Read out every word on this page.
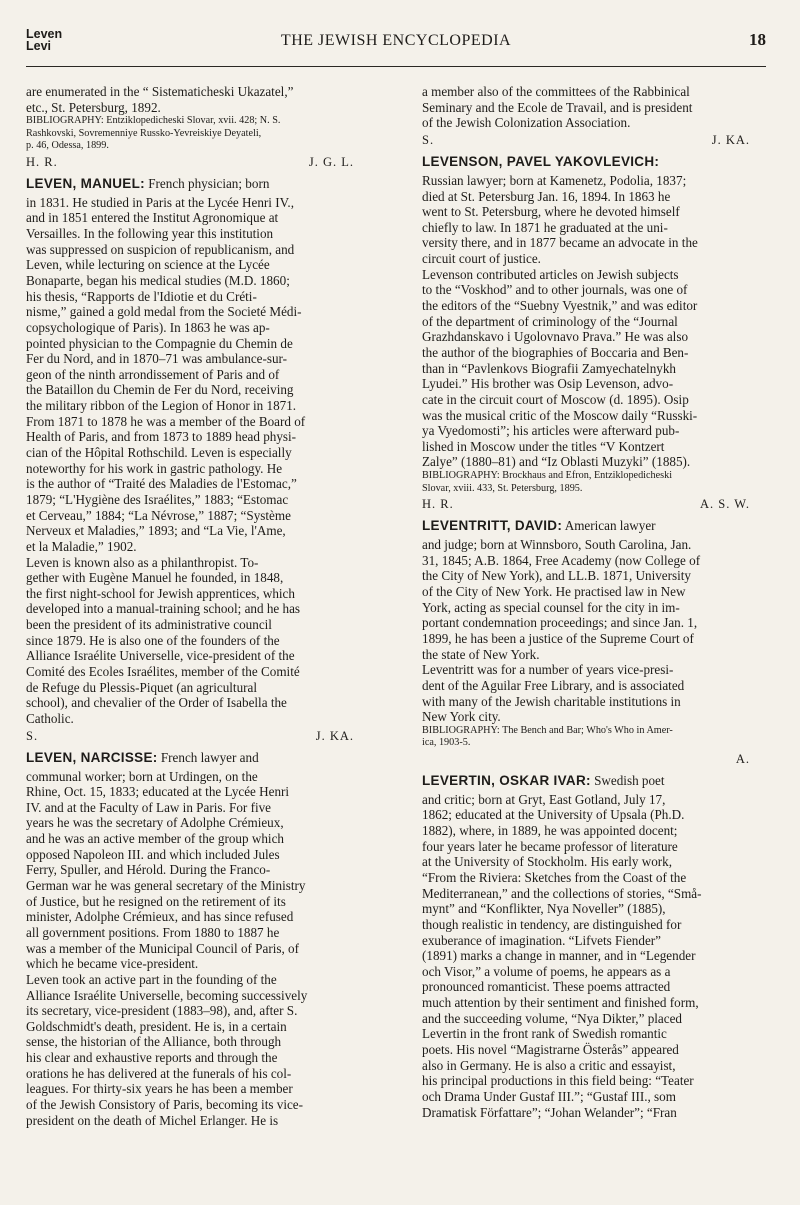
Leven
Levi	THE JEWISH ENCYCLOPEDIA	18
are enumerated in the “ Sistematicheski Ukazatel,”
etc., St. Petersburg, 1892.
BIBLIOGRAPHY: Entziklopedicheski Slovar, xvii. 428; N. S.
Rashkovski, Sovremenniye Russko-Yevreiskiye Deyateli,
p. 46, Odessa, 1899.
H. R.	J. G. L.
LEVEN, MANUEL: French physician; born
in 1831. He studied in Paris at the Lycée Henri IV.,
and in 1851 entered the Institut Agronomique at
Versailles. In the following year this institution
was suppressed on suspicion of republicanism, and
Leven, while lecturing on science at the Lycée
Bonaparte, began his medical studies (M.D. 1860;
his thesis, “Rapports de l'Idiotie et du Créti-
nisme,” gained a gold medal from the Societé Médi-
copsychologique of Paris). In 1863 he was ap-
pointed physician to the Compagnie du Chemin de
Fer du Nord, and in 1870–71 was ambulance-sur-
geon of the ninth arrondissement of Paris and of
the Bataillon du Chemin de Fer du Nord, receiving
the military ribbon of the Legion of Honor in 1871.
From 1871 to 1878 he was a member of the Board of
Health of Paris, and from 1873 to 1889 head physi-
cian of the Hôpital Rothschild. Leven is especially
noteworthy for his work in gastric pathology. He
is the author of “Traité des Maladies de l'Estomac,”
1879; “L'Hygiène des Israélites,” 1883; “Estomac
et Cerveau,” 1884; “La Névrose,” 1887; “Système
Nerveux et Maladies,” 1893; and “La Vie, l'Ame,
et la Maladie,” 1902.
Leven is known also as a philanthropist. To-
gether with Eugène Manuel he founded, in 1848,
the first night-school for Jewish apprentices, which
developed into a manual-training school; and he has
been the president of its administrative council
since 1879. He is also one of the founders of the
Alliance Israélite Universelle, vice-president of the
Comité des Ecoles Israélites, member of the Comité
de Refuge du Plessis-Piquet (an agricultural
school), and chevalier of the Order of Isabella the
Catholic.
S.	J. KA.
LEVEN, NARCISSE: French lawyer and
communal worker; born at Urdingen, on the
Rhine, Oct. 15, 1833; educated at the Lycée Henri
IV. and at the Faculty of Law in Paris. For five
years he was the secretary of Adolphe Crémieux,
and he was an active member of the group which
opposed Napoleon III. and which included Jules
Ferry, Spuller, and Hérold. During the Franco-
German war he was general secretary of the Ministry
of Justice, but he resigned on the retirement of its
minister, Adolphe Crémieux, and has since refused
all government positions. From 1880 to 1887 he
was a member of the Municipal Council of Paris, of
which he became vice-president.
Leven took an active part in the founding of the
Alliance Israélite Universelle, becoming successively
its secretary, vice-president (1883–98), and, after S.
Goldschmidt's death, president. He is, in a certain
sense, the historian of the Alliance, both through
his clear and exhaustive reports and through the
orations he has delivered at the funerals of his col-
leagues. For thirty-six years he has been a member
of the Jewish Consistory of Paris, becoming its vice-
president on the death of Michel Erlanger. He is
a member also of the committees of the Rabbinical
Seminary and the Ecole de Travail, and is president
of the Jewish Colonization Association.
S.	J. KA.
LEVENSON, PAVEL YAKOVLEVICH:
Russian lawyer; born at Kamenetz, Podolia, 1837;
died at St. Petersburg Jan. 16, 1894. In 1863 he
went to St. Petersburg, where he devoted himself
chiefly to law. In 1871 he graduated at the uni-
versity there, and in 1877 became an advocate in the
circuit court of justice.
Levenson contributed articles on Jewish subjects
to the “Voskhod” and to other journals, was one of
the editors of the “Suebny Vyestnik,” and was editor
of the department of criminology of the “Journal
Grazhdanskavo i Ugolovnavo Prava.” He was also
the author of the biographies of Boccaria and Ben-
than in “Pavlenkovs Biografii Zamyechatelnykh
Lyudei.” His brother was Osip Levenson, advo-
cate in the circuit court of Moscow (d. 1895). Osip
was the musical critic of the Moscow daily “Russki-
ya Vyedomosti”; his articles were afterward pub-
lished in Moscow under the titles “V Kontzert
Zalye” (1880–81) and “Iz Oblasti Muzyki” (1885).
BIBLIOGRAPHY: Brockhaus and Efron, Entziklopedicheski
Slovar, xviii. 433, St. Petersburg, 1895.
H. R.	A. S. W.
LEVENTRITT, DAVID: American lawyer
and judge; born at Winnsboro, South Carolina, Jan.
31, 1845; A.B. 1864, Free Academy (now College of
the City of New York), and LL.B. 1871, University
of the City of New York. He practised law in New
York, acting as special counsel for the city in im-
portant condemnation proceedings; and since Jan. 1,
1899, he has been a justice of the Supreme Court of
the state of New York.
Leventritt was for a number of years vice-presi-
dent of the Aguilar Free Library, and is associated
with many of the Jewish charitable institutions in
New York city.
BIBLIOGRAPHY: The Bench and Bar; Who's Who in Amer-
ica, 1903-5.
A.
LEVERTIN, OSKAR IVAR: Swedish poet
and critic; born at Gryt, East Gotland, July 17,
1862; educated at the University of Upsala (Ph.D.
1882), where, in 1889, he was appointed docent;
four years later he became professor of literature
at the University of Stockholm. His early work,
“From the Riviera: Sketches from the Coast of the
Mediterranean,” and the collections of stories, “Små-
mynt” and “Konflikter, Nya Noveller” (1885),
though realistic in tendency, are distinguished for
exuberance of imagination. “Lifvets Fiender”
(1891) marks a change in manner, and in “Legender
och Visor,” a volume of poems, he appears as a
pronounced romanticist. These poems attracted
much attention by their sentiment and finished form,
and the succeeding volume, “Nya Dikter,” placed
Levertin in the front rank of Swedish romantic
poets. His novel “Magistrarne Österås” appeared
also in Germany. He is also a critic and essayist,
his principal productions in this field being: “Teater
och Drama Under Gustaf III.”; “Gustaf III., som
Dramatisk Författare”; “Johan Welander”; “Fran
